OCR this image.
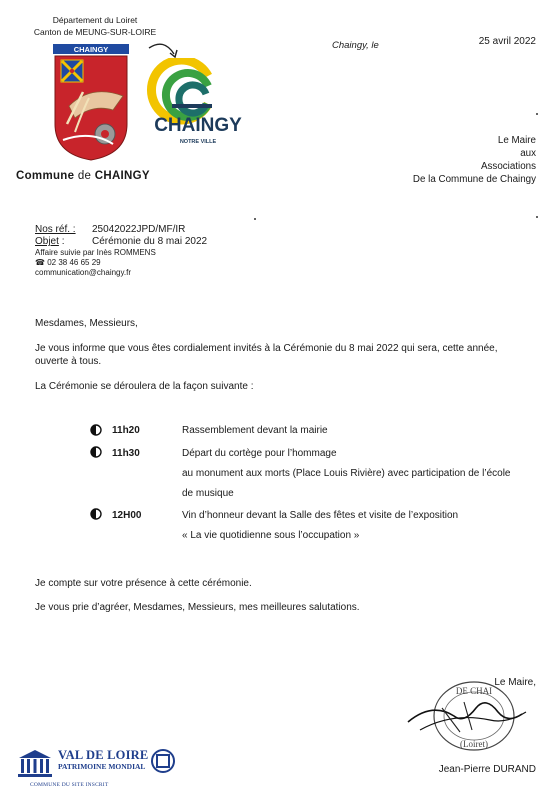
Département du Loiret
Canton de MEUNG-SUR-LOIRE
CHAINGY
CHAINGY
NOTRE VILLE
Commune de CHAINGY
Chaingy, le	25 avril 2022
Le Maire
aux
Associations
De la Commune de Chaingy
Nos réf. : 25042022JPD/MF/IR
Objet :	Cérémonie du 8 mai 2022
Affaire suivie par Inès ROMMENS
☎ 02 38 46 65 29
communication@chaingy.fr
Mesdames, Messieurs,
Je vous informe que vous êtes cordialement invités à la Cérémonie du 8 mai 2022 qui sera, cette année,
ouverte à tous.
La Cérémonie se déroulera de la façon suivante :
11h20	Rassemblement devant la mairie
11h30	Départ du cortège pour l’hommage
au monument aux morts (Place Louis Rivière) avec participation de l’école
de musique
12H00	Vin d’honneur devant la Salle des fêtes et visite de l’exposition
« La vie quotidienne sous l’occupation »
Je compte sur votre présence à cette cérémonie.
Je vous prie d’agréer, Mesdames, Messieurs, mes meilleures salutations.
DE CHAI
(Loiret)
Le Maire,
Jean-Pierre DURAND
VAL DE LOIRE
PATRIMOINE MONDIAL
COMMUNE DU SITE INSCRIT
